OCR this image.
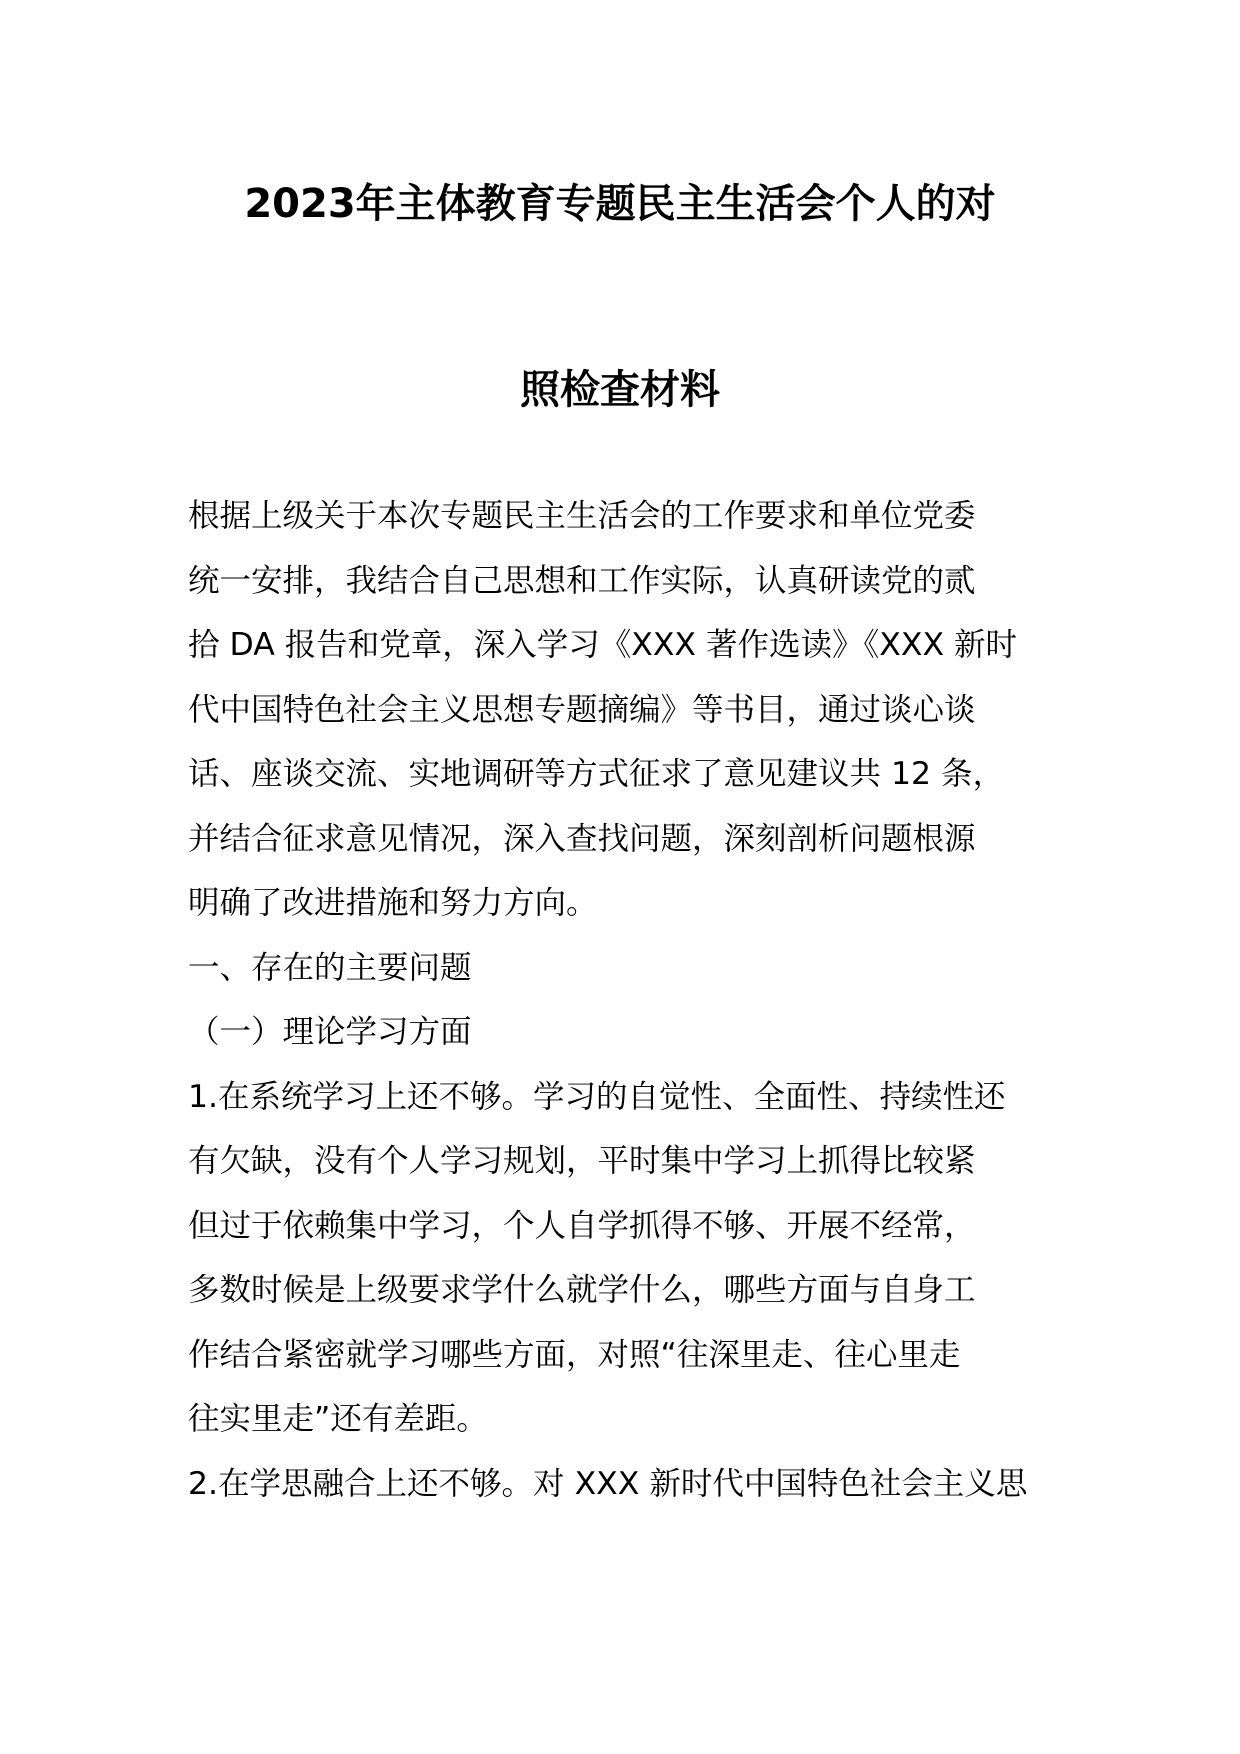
2023年主体教育专题民主生活会个人的对
照检查材料
根据上级关于本次专题民主生活会的工作要求和单位党委
统一安排，我结合自己思想和工作实际，认真研读党的贰
拾 DA 报告和党章，深入学习《XXX 著作选读》《XXX 新时
代中国特色社会主义思想专题摘编》等书目，通过谈心谈
话、座谈交流、实地调研等方式征求了意见建议共 12 条，
并结合征求意见情况，深入查找问题，深刻剖析问题根源
明确了改进措施和努力方向。
一、存在的主要问题
（一）理论学习方面
1.在系统学习上还不够。学习的自觉性、全面性、持续性还
有欠缺，没有个人学习规划，平时集中学习上抓得比较紧
但过于依赖集中学习，个人自学抓得不够、开展不经常，
多数时候是上级要求学什么就学什么，哪些方面与自身工
作结合紧密就学习哪些方面，对照“往深里走、往心里走
往实里走”还有差距。
2.在学思融合上还不够。对 XXX 新时代中国特色社会主义思
